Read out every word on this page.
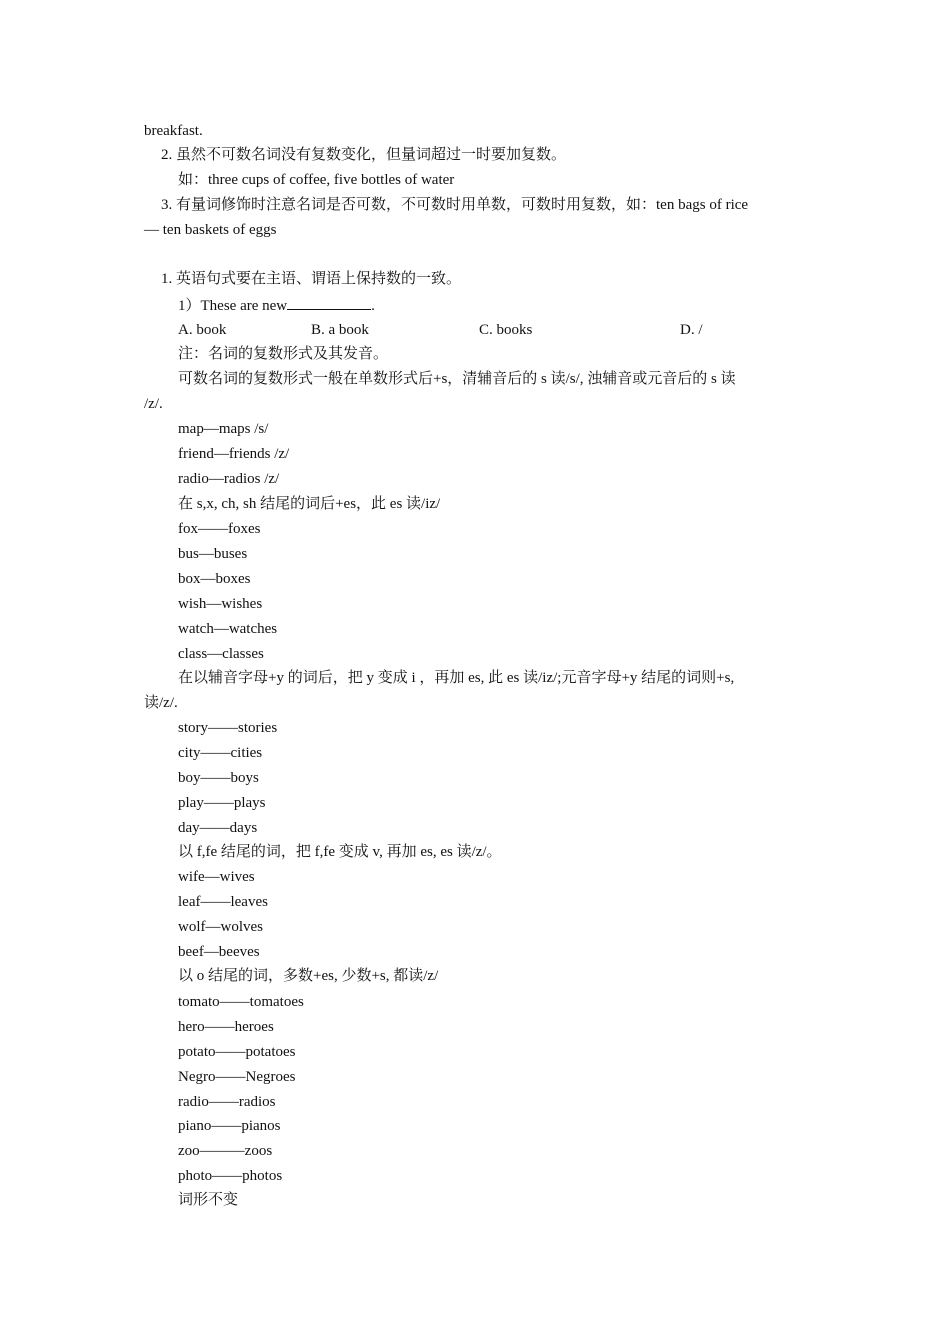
breakfast.
2. 虽然不可数名词没有复数变化，但量词超过一时要加复数。
如：three cups of coffee, five bottles of water
3. 有量词修饰时注意名词是否可数，不可数时用单数，可数时用复数，如：ten bags of rice
— ten baskets of eggs
1. 英语句式要在主语、谓语上保持数的一致。
1）These are new	.
A. book	B. a book	C. books	D. /
注：名词的复数形式及其发音。
可数名词的复数形式一般在单数形式后+s，清辅音后的 s 读/s/, 浊辅音或元音后的 s 读
/z/.
map—maps /s/
friend—friends /z/
radio—radios /z/
在 s,x, ch, sh 结尾的词后+es，此 es 读/iz/
fox——foxes
bus—buses
box—boxes
wish—wishes
watch—watches
class—classes
在以辅音字母+y 的词后，把 y 变成 i ，再加 es, 此 es 读/iz/;元音字母+y 结尾的词则+s,
读/z/.
story——stories
city——cities
boy——boys
play——plays
day——days
以 f,fe 结尾的词，把 f,fe 变成 v, 再加 es, es 读/z/。
wife—wives
leaf——leaves
wolf—wolves
beef—beeves
以 o 结尾的词，多数+es, 少数+s, 都读/z/
tomato——tomatoes
hero——heroes
potato——potatoes
Negro——Negroes
radio——radios
piano——pianos
zoo———zoos
photo——photos
词形不变
